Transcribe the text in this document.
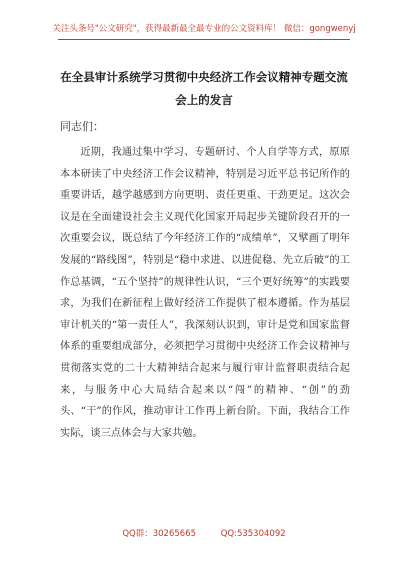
关注头条号"公文研究"，获得最新最全最专业的公文资料库！ 微信：gongwenyj
在全县审计系统学习贯彻中央经济工作会议精神专题交流
会上的发言
同志们：

近期，我通过集中学习、专题研讨、个人自学等方式，原原本本研读了中央经济工作会议精神，特别是习近平总书记所作的重要讲话，越学越感到方向更明、责任更重、干劲更足。这次会议是在全面建设社会主义现代化国家开局起步关键阶段召开的一次重要会议，既总结了今年经济工作的“成绩单”，又擘画了明年发展的“路线图”，特别是“稳中求进、以进促稳、先立后破”的工作总基调，“五个坚持”的规律性认识，“三个更好统筹”的实践要求，为我们在新征程上做好经济工作提供了根本遵循。作为基层审计机关的“第一责任人”，我深刻认识到，审计是党和国家监督体系的重要组成部分，必须把学习贯彻中央经济工作会议精神与贯彻落实党的二十大精神结合起来与履行审计监督职责结合起来，与服务中心大局结合起来以“闯”的精神、“创”的劲头、“干”的作风，推动审计工作再上新台阶。下面，我结合工作实际，谈三点体会与大家共勉。

QQ群：30265665	QQ:535304092
